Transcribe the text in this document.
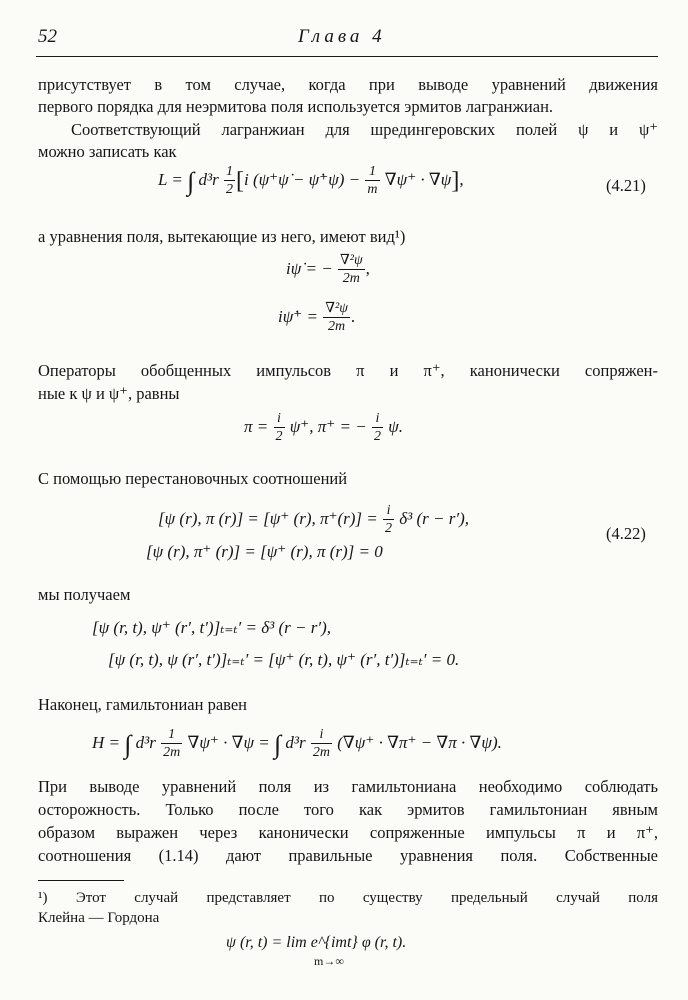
52	Глава 4
присутствует в том случае, когда при выводе уравнений движения
первого порядка для неэрмитова поля используется эрмитов лагранжиан.
Соответствующий лагранжиан для шредингеровских полей ψ и ψ⁺
можно записать как
L = ∫ $d^3r \frac{1}{2} [i$ (ψ⁺ψ̇ − ψ̇⁺ψ) − $\frac{1}{m} \nabla\psi^+ \cdot \nabla\psi$],	(4.21)
а уравнения поля, вытекающие из него, имеют вид¹)
iψ̇ = − $\frac{\text{∇²ψ}}{2m}$ ,
iψ̇⁺ = $\frac{\text{∇²ψ}}{2m}$ .
Операторы обобщенных импульсов π и π⁺, канонически сопряжен-
ные к ψ и ψ⁺, равны
$\pi = \frac{i}{2} \psi^+$, π⁺ = − $\frac{i}{2} \psi$.
С помощью перестановочных соотношений
[ψ (r), π (r)] = [ψ⁺ (r), $\pi^+(r)] = \frac{i}{2} \delta^3$ (r − r′),
[ψ (r), π⁺ (r)] = [ψ⁺ (r), π (r)] = 0
(4.22)
мы получаем
[ψ (r, t), ψ⁺ (r′, t′)]ₜ₌ₜ′ = δ³ (r − r′),
[ψ (r, t), ψ (r′, t′)]ₜ₌ₜ′ = [ψ⁺ (r, t), ψ⁺ (r′, t′)]ₜ₌ₜ′ = 0.
Наконец, гамильтониан равен
H = ∫ $d^3r \frac{1}{2m} \nabla\psi^+ \cdot \nabla\psi$ = ∫ $d^3r \frac{i}{2m} (\nabla\psi^+ \cdot \nabla\pi^+ - \nabla\pi \cdot \nabla\psi)$.
При выводе уравнений поля из гамильтониана необходимо соблюдать
осторожность. Только после того как эрмитов гамильтониан явным
образом выражен через канонически сопряженные импульсы π и π⁺,
соотношения (1.14) дают правильные уравнения поля. Собственные
¹) Этот случай представляет по существу предельный случай поля
Клейна — Гордона
ψ (r, t) = lim e^{imt} φ (r, t).
m→∞
